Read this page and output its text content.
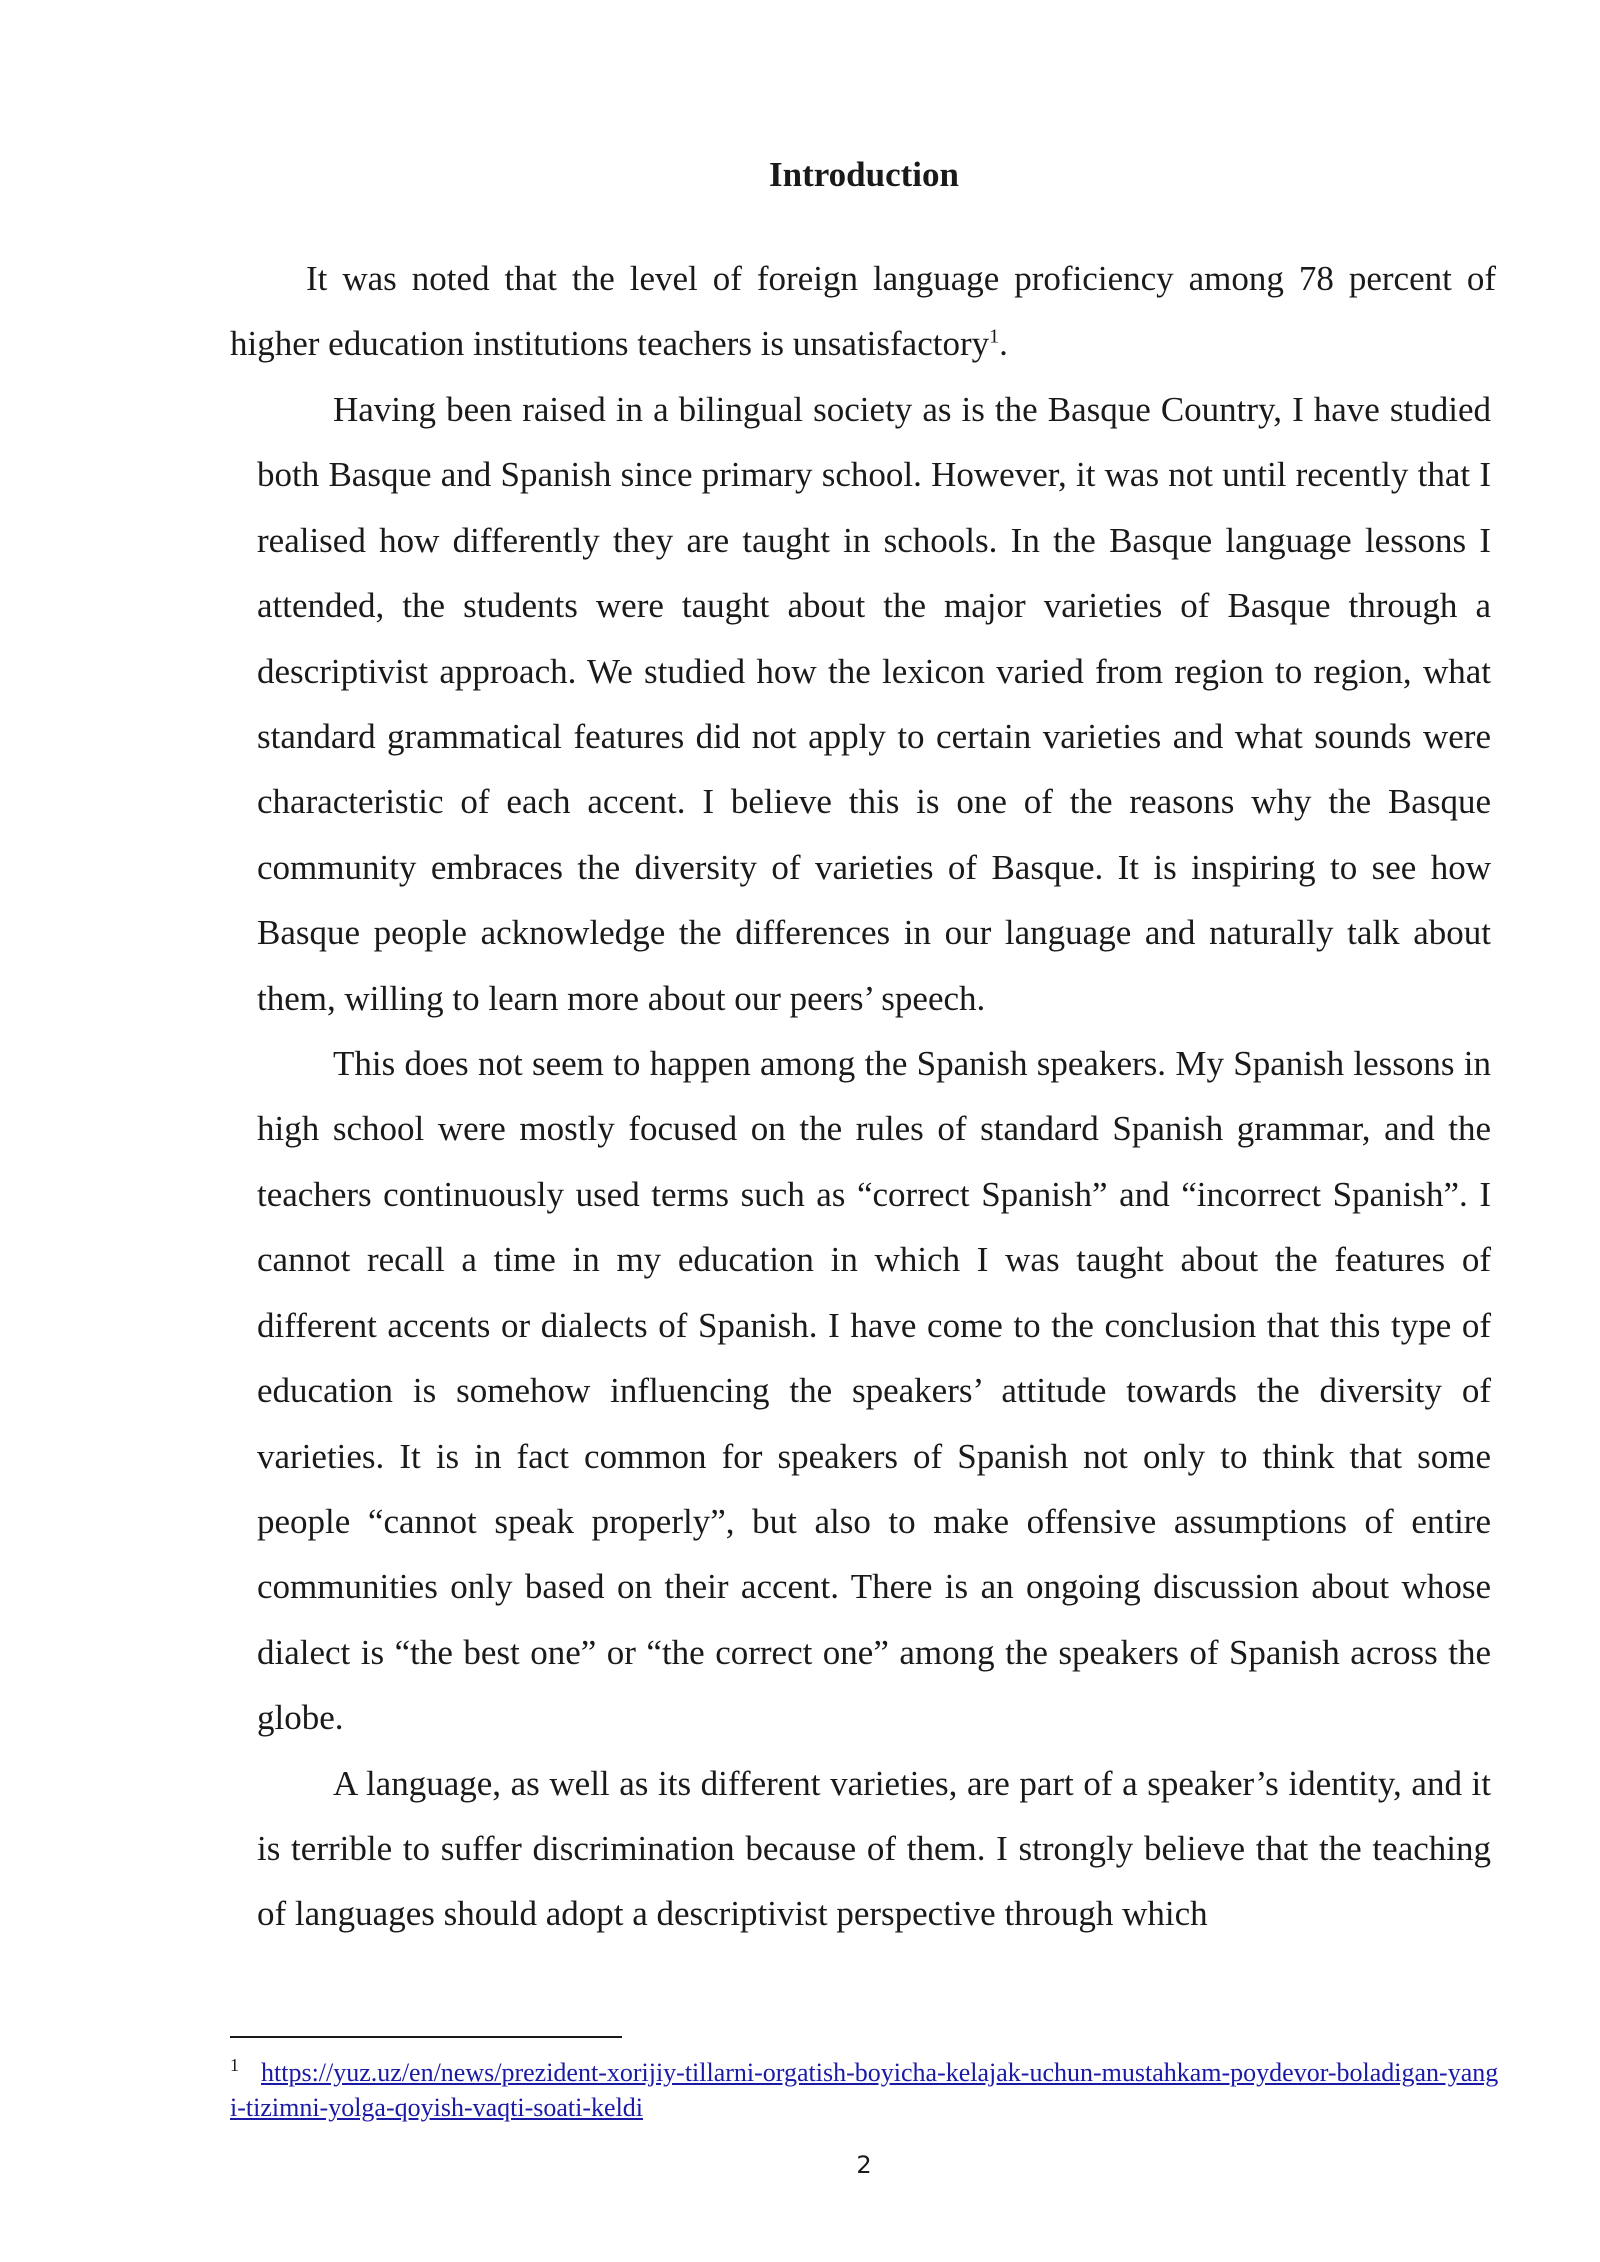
Introduction

It was noted that the level of foreign language proficiency among 78 percent of higher education institutions teachers is unsatisfactory$^1$.

Having been raised in a bilingual society as is the Basque Country, I have studied both Basque and Spanish since primary school. However, it was not until recently that I realised how differently they are taught in schools. In the Basque language lessons I attended, the students were taught about the major varieties of Basque through a descriptivist approach. We studied how the lexicon varied from region to region, what standard grammatical features did not apply to certain varieties and what sounds were characteristic of each accent. I believe this is one of the reasons why the Basque community embraces the diversity of varieties of Basque. It is inspiring to see how Basque people acknowledge the differences in our language and naturally talk about them, willing to learn more about our peers’ speech.

This does not seem to happen among the Spanish speakers. My Spanish lessons in high school were mostly focused on the rules of standard Spanish grammar, and the teachers continuously used terms such as “correct Spanish” and “incorrect Spanish”. I cannot recall a time in my education in which I was taught about the features of different accents or dialects of Spanish. I have come to the conclusion that this type of education is somehow influencing the speakers’ attitude towards the diversity of varieties. It is in fact common for speakers of Spanish not only to think that some people “cannot speak properly”, but also to make offensive assumptions of entire communities only based on their accent. There is an ongoing discussion about whose dialect is “the best one” or “the correct one” among the speakers of Spanish across the globe.

A language, as well as its different varieties, are part of a speaker’s identity, and it is terrible to suffer discrimination because of them. I strongly believe that the teaching of languages should adopt a descriptivist perspective through which

$^1$ https://yuz.uz/en/news/prezident-xorijiy-tillarni-orgatish-boyicha-kelajak-uchun-mustahkam-poydevor-boladigan-yangi-tizimni-yolga-qoyish-vaqti-soati-keldi

2
